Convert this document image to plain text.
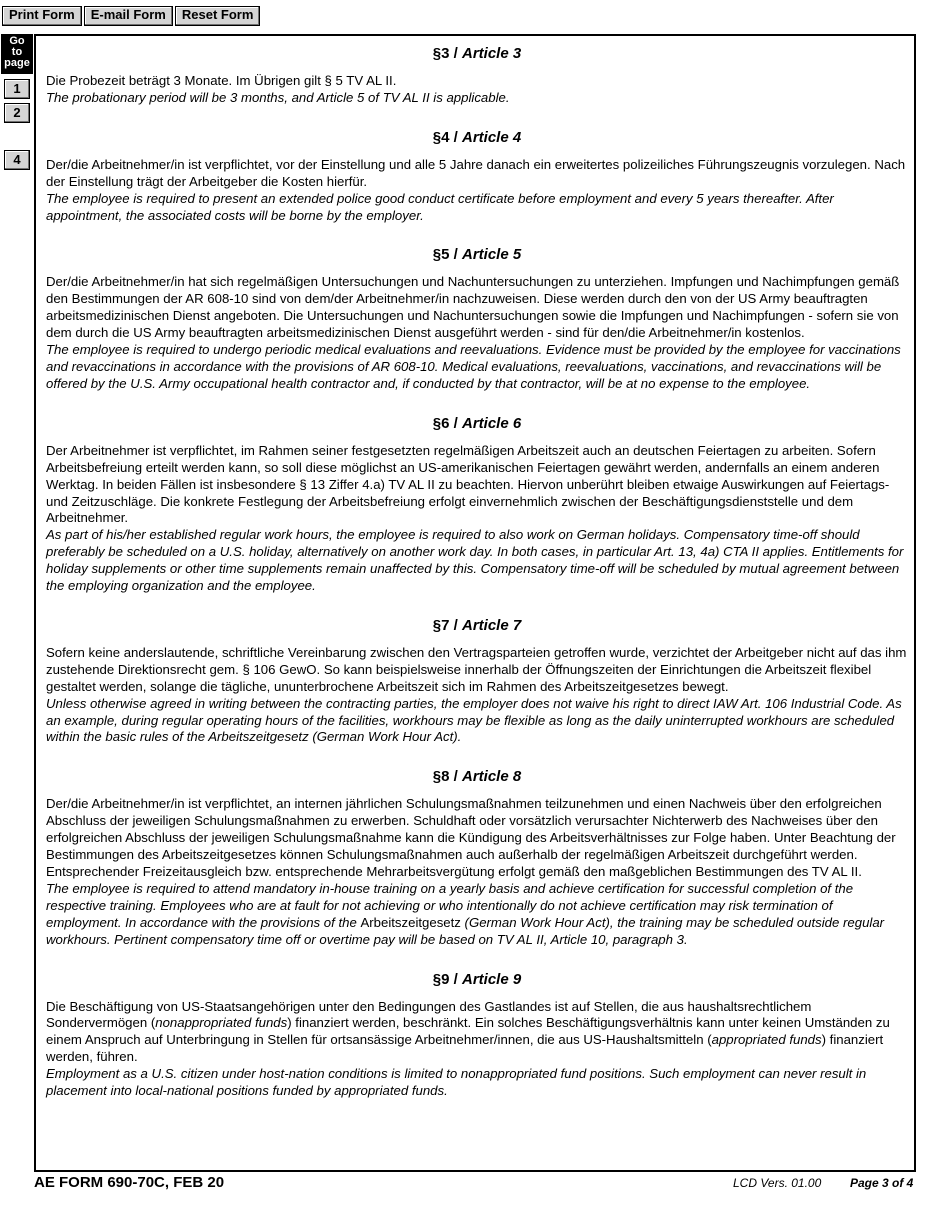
Print Form	E-mail Form	Reset Form
Go
to
page
1
2
4
§3 / Article 3

Die Probezeit beträgt 3 Monate. Im Übrigen gilt § 5 TV AL II.

The probationary period will be 3 months, and Article 5 of TV AL II is applicable.

§4 / Article 4

Der/die Arbeitnehmer/in ist verpflichtet, vor der Einstellung und alle 5 Jahre danach ein erweitertes polizeiliches Führungszeugnis vorzulegen. Nach der Einstellung trägt der Arbeitgeber die Kosten hierfür.

The employee is required to present an extended police good conduct certificate before employment and every 5 years thereafter. After appointment, the associated costs will be borne by the employer.

§5 / Article 5

Der/die Arbeitnehmer/in hat sich regelmäßigen Untersuchungen und Nachuntersuchungen zu unterziehen. Impfungen und Nachimpfungen gemäß den Bestimmungen der AR 608-10 sind von dem/der Arbeitnehmer/in nachzuweisen. Diese werden durch den von der US Army beauftragten arbeitsmedizinischen Dienst angeboten. Die Untersuchungen und Nachuntersuchungen sowie die Impfungen und Nachimpfungen - sofern sie von dem durch die US Army beauftragten arbeitsmedizinischen Dienst ausgeführt werden - sind für den/die Arbeitnehmer/in kostenlos.

The employee is required to undergo periodic medical evaluations and reevaluations. Evidence must be provided by the employee for vaccinations and revaccinations in accordance with the provisions of AR 608-10. Medical evaluations, reevaluations, vaccinations, and revaccinations will be offered by the U.S. Army occupational health contractor and, if conducted by that contractor, will be at no expense to the employee.

§6 / Article 6

Der Arbeitnehmer ist verpflichtet, im Rahmen seiner festgesetzten regelmäßigen Arbeitszeit auch an deutschen Feiertagen zu arbeiten. Sofern Arbeitsbefreiung erteilt werden kann, so soll diese möglichst an US-amerikanischen Feiertagen gewährt werden, andernfalls an einem anderen Werktag. In beiden Fällen ist insbesondere § 13 Ziffer 4.a) TV AL II zu beachten. Hiervon unberührt bleiben etwaige Auswirkungen auf Feiertags- und Zeitzuschläge. Die konkrete Festlegung der Arbeitsbefreiung erfolgt einvernehmlich zwischen der Beschäftigungsdienststelle und dem Arbeitnehmer.

As part of his/her established regular work hours, the employee is required to also work on German holidays. Compensatory time-off should preferably be scheduled on a U.S. holiday, alternatively on another work day. In both cases, in particular Art. 13, 4a) CTA II applies. Entitlements for holiday supplements or other time supplements remain unaffected by this. Compensatory time-off will be scheduled by mutual agreement between the employing organization and the employee.

§7 / Article 7

Sofern keine anderslautende, schriftliche Vereinbarung zwischen den Vertragsparteien getroffen wurde, verzichtet der Arbeitgeber nicht auf das ihm zustehende Direktionsrecht gem. § 106 GewO. So kann beispielsweise innerhalb der Öffnungszeiten der Einrichtungen die Arbeitszeit flexibel gestaltet werden, solange die tägliche, ununterbrochene Arbeitszeit sich im Rahmen des Arbeitszeitgesetzes bewegt.

Unless otherwise agreed in writing between the contracting parties, the employer does not waive his right to direct IAW Art. 106 Industrial Code. As an example, during regular operating hours of the facilities, workhours may be flexible as long as the daily uninterrupted workhours are scheduled within the basic rules of the Arbeitszeitgesetz (German Work Hour Act).

§8 / Article 8

Der/die Arbeitnehmer/in ist verpflichtet, an internen jährlichen Schulungsmaßnahmen teilzunehmen und einen Nachweis über den erfolgreichen Abschluss der jeweiligen Schulungsmaßnahmen zu erwerben. Schuldhaft oder vorsätzlich verursachter Nichterwerb des Nachweises über den erfolgreichen Abschluss der jeweiligen Schulungsmaßnahme kann die Kündigung des Arbeitsverhältnisses zur Folge haben. Unter Beachtung der Bestimmungen des Arbeitszeitgesetzes können Schulungsmaßnahmen auch außerhalb der regelmäßigen Arbeitszeit durchgeführt werden. Entsprechender Freizeitausgleich bzw. entsprechende Mehrarbeitsvergütung erfolgt gemäß den maßgeblichen Bestimmungen des TV AL II.

The employee is required to attend mandatory in-house training on a yearly basis and achieve certification for successful completion of the respective training. Employees who are at fault for not achieving or who intentionally do not achieve certification may risk termination of employment. In accordance with the provisions of the Arbeitszeitgesetz (German Work Hour Act), the training may be scheduled outside regular workhours. Pertinent compensatory time off or overtime pay will be based on TV AL II, Article 10, paragraph 3.

§9 / Article 9

Die Beschäftigung von US-Staatsangehörigen unter den Bedingungen des Gastlandes ist auf Stellen, die aus haushaltsrechtlichem Sondervermögen (nonappropriated funds) finanziert werden, beschränkt. Ein solches Beschäftigungsverhältnis kann unter keinen Umständen zu einem Anspruch auf Unterbringung in Stellen für ortsansässige Arbeitnehmer/innen, die aus US-Haushaltsmitteln (appropriated funds) finanziert werden, führen.

Employment as a U.S. citizen under host-nation conditions is limited to nonappropriated fund positions. Such employment can never result in placement into local-national positions funded by appropriated funds.

AE FORM 690-70C, FEB 20	LCD Vers. 01.00 Page 3 of 4
